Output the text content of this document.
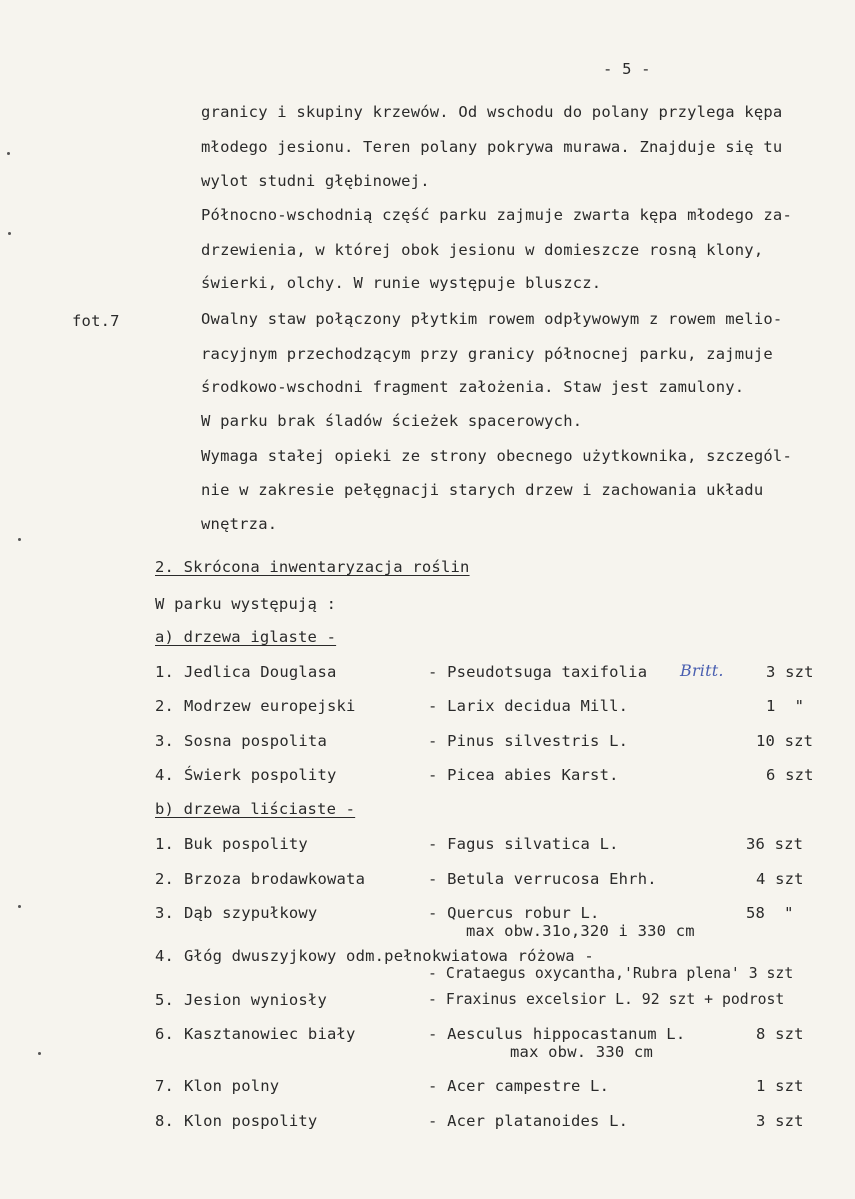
- 5 -
fot.7
granicy i skupiny krzewów. Od wschodu do polany przylega kępa
młodego jesionu. Teren polany pokrywa murawa. Znajduje się tu
wylot studni głębinowej.
Północno-wschodnią część parku zajmuje zwarta kępa młodego za-
drzewienia, w której obok jesionu w domieszcze rosną klony,
świerki, olchy. W runie występuje bluszcz.
Owalny staw połączony płytkim rowem odpływowym z rowem melio-
racyjnym przechodzącym przy granicy północnej parku, zajmuje
środkowo-wschodni fragment założenia. Staw jest zamulony.
W parku brak śladów ścieżek spacerowych.
Wymaga stałej opieki ze strony obecnego użytkownika, szczegól-
nie w zakresie pełęgnacji starych drzew i zachowania układu
wnętrza.
2. Skrócona inwentaryzacja roślin
W parku występują :
a) drzewa iglaste -
1. Jedlica Douglasa	- Pseudotsuga taxifolia Britt.	3 szt
2. Modrzew europejski	- Larix decidua Mill.	1  "
3. Sosna pospolita	- Pinus silvestris L.	10 szt
4. Świerk pospolity	- Picea abies Karst.	6 szt
b) drzewa liściaste -
1. Buk pospolity	- Fagus silvatica L.	36 szt
2. Brzoza brodawkowata	- Betula verrucosa Ehrh.	4 szt
3. Dąb szypułkowy	- Quercus robur L.	58  "
max obw.31o,320 i 330 cm
4. Głóg dwuszyjkowy odm.pełnokwiatowa różowa -
- Crataegus oxycantha,'Rubra plena' 3 szt
5. Jesion wyniosły	- Fraxinus excelsior L. 92 szt + podrost
6. Kasztanowiec biały	- Aesculus hippocastanum L.	8 szt
max obw. 330 cm
7. Klon polny	- Acer campestre L.	1 szt
8. Klon pospolity	- Acer platanoides L.	3 szt
